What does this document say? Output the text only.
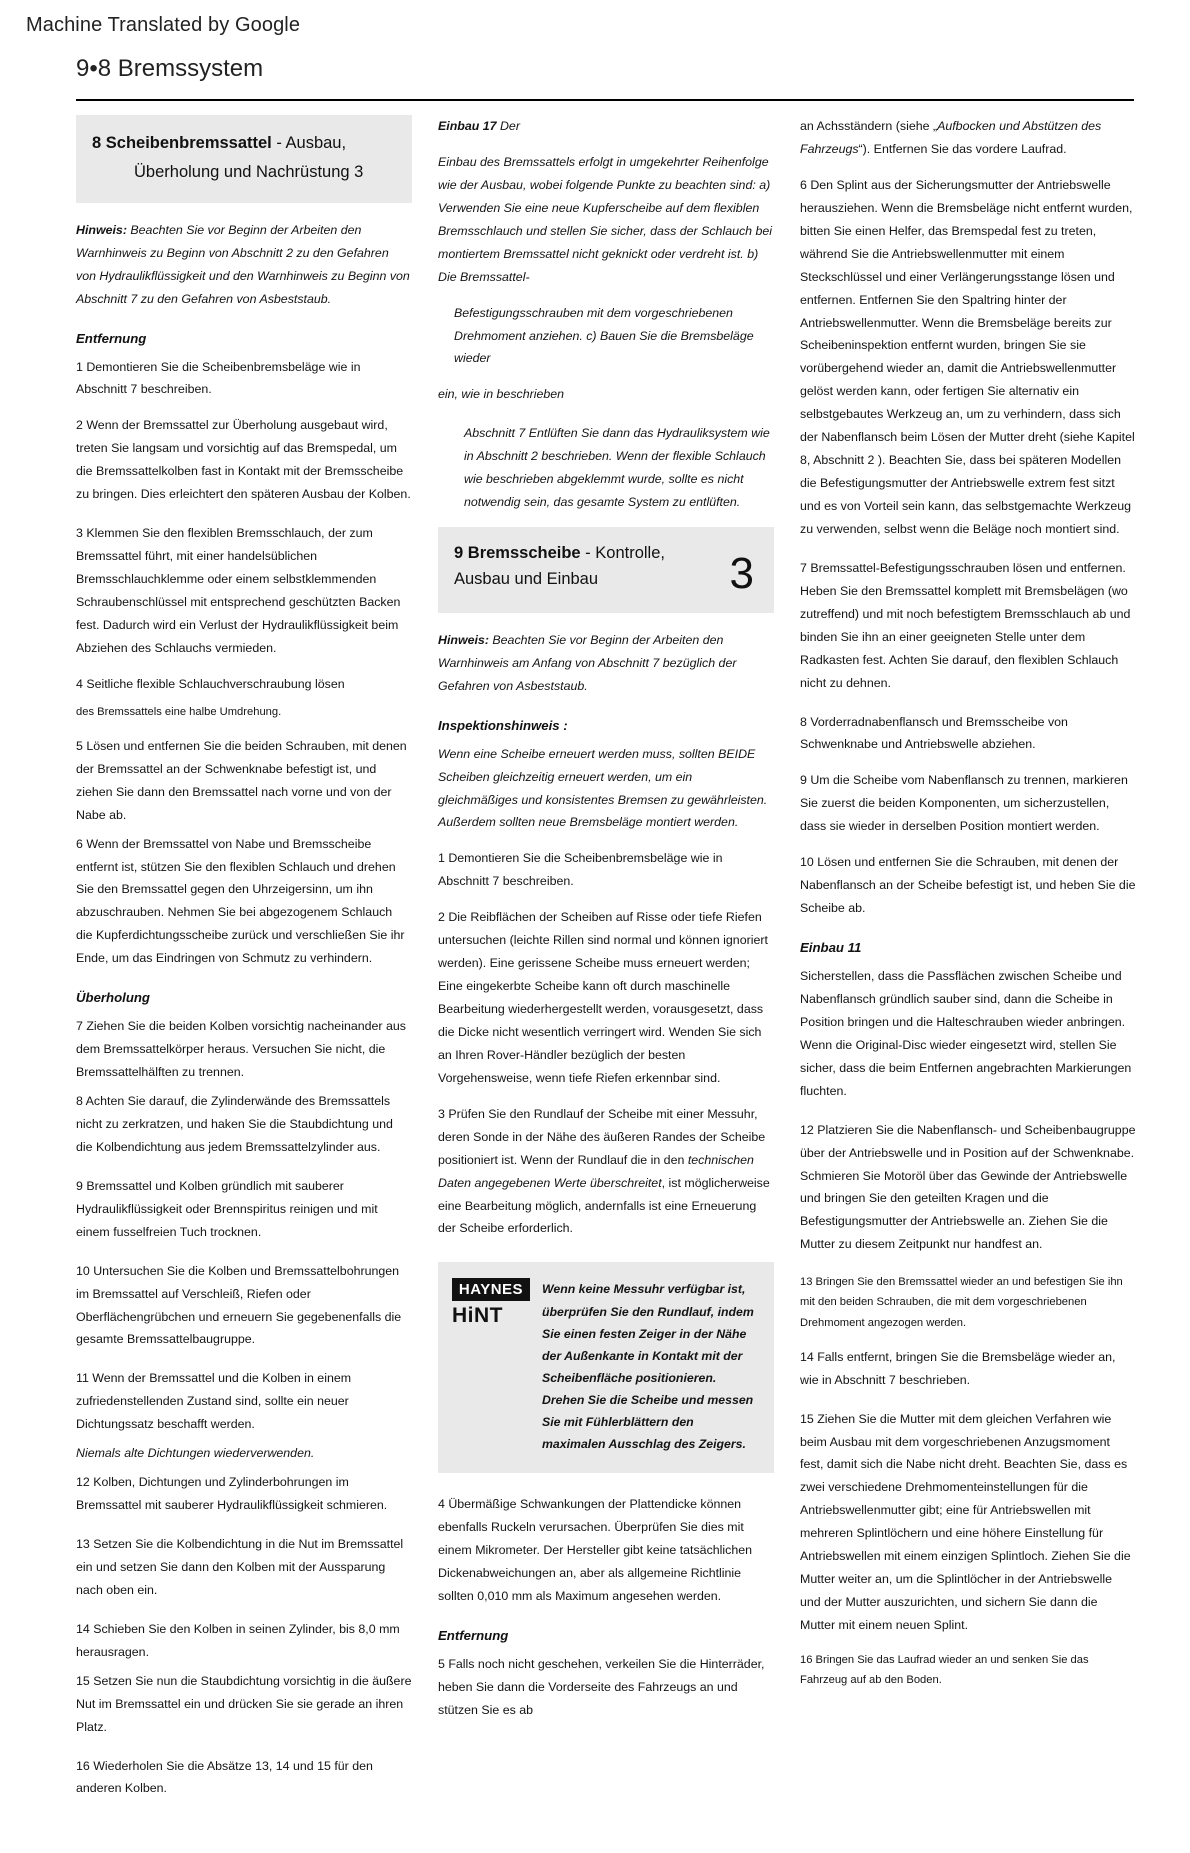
Machine Translated by Google
9•8 Bremssystem
8 Scheibenbremssattel - Ausbau,
Überholung und Nachrüstung 3

Hinweis: Beachten Sie vor Beginn der Arbeiten den Warnhinweis zu Beginn von Abschnitt 2 zu den Gefahren von Hydraulikflüssigkeit und den Warnhinweis zu Beginn von Abschnitt 7 zu den Gefahren von Asbeststaub.

Entfernung

1 Demontieren Sie die Scheibenbremsbeläge wie in Abschnitt 7 beschreiben.

2 Wenn der Bremssattel zur Überholung ausgebaut wird, treten Sie langsam und vorsichtig auf das Bremspedal, um die Bremssattelkolben fast in Kontakt mit der Bremsscheibe zu bringen. Dies erleichtert den späteren Ausbau der Kolben.

3 Klemmen Sie den flexiblen Bremsschlauch, der zum Bremssattel führt, mit einer handelsüblichen Bremsschlauchklemme oder einem selbstklemmenden Schraubenschlüssel mit entsprechend geschützten Backen fest. Dadurch wird ein Verlust der Hydraulikflüssigkeit beim Abziehen des Schlauchs vermieden.

4 Seitliche flexible Schlauchverschraubung lösen

des Bremssattels eine halbe Umdrehung.

5 Lösen und entfernen Sie die beiden Schrauben, mit denen der Bremssattel an der Schwenknabe befestigt ist, und ziehen Sie dann den Bremssattel nach vorne und von der Nabe ab.

6 Wenn der Bremssattel von Nabe und Bremsscheibe entfernt ist, stützen Sie den flexiblen Schlauch und drehen Sie den Bremssattel gegen den Uhrzeigersinn, um ihn abzuschrauben. Nehmen Sie bei abgezogenem Schlauch die Kupferdichtungsscheibe zurück und verschließen Sie ihr Ende, um das Eindringen von Schmutz zu verhindern.

Überholung

7 Ziehen Sie die beiden Kolben vorsichtig nacheinander aus dem Bremssattelkörper heraus. Versuchen Sie nicht, die Bremssattelhälften zu trennen.

8 Achten Sie darauf, die Zylinderwände des Bremssattels nicht zu zerkratzen, und haken Sie die Staubdichtung und die Kolbendichtung aus jedem Bremssattelzylinder aus.

9 Bremssattel und Kolben gründlich mit sauberer Hydraulikflüssigkeit oder Brennspiritus reinigen und mit einem fusselfreien Tuch trocknen.

10 Untersuchen Sie die Kolben und Bremssattelbohrungen im Bremssattel auf Verschleiß, Riefen oder Oberflächengrübchen und erneuern Sie gegebenenfalls die gesamte Bremssattelbaugruppe.

11 Wenn der Bremssattel und die Kolben in einem zufriedenstellenden Zustand sind, sollte ein neuer Dichtungssatz beschafft werden.

Niemals alte Dichtungen wiederverwenden.

12 Kolben, Dichtungen und Zylinderbohrungen im Bremssattel mit sauberer Hydraulikflüssigkeit schmieren.

13 Setzen Sie die Kolbendichtung in die Nut im Bremssattel ein und setzen Sie dann den Kolben mit der Aussparung nach oben ein.

14 Schieben Sie den Kolben in seinen Zylinder, bis 8,0 mm herausragen.

15 Setzen Sie nun die Staubdichtung vorsichtig in die äußere Nut im Bremssattel ein und drücken Sie sie gerade an ihren Platz.

16 Wiederholen Sie die Absätze 13, 14 und 15 für den anderen Kolben.

Einbau 17 Der

Einbau des Bremssattels erfolgt in umgekehrter Reihenfolge wie der Ausbau, wobei folgende Punkte zu beachten sind: a) Verwenden Sie eine neue Kupferscheibe auf dem flexiblen Bremsschlauch und stellen Sie sicher, dass der Schlauch bei montiertem Bremssattel nicht geknickt oder verdreht ist. b) Die Bremssattel-

Befestigungsschrauben mit dem vorgeschriebenen Drehmoment anziehen. c) Bauen Sie die Bremsbeläge wieder

ein, wie in beschrieben

Abschnitt 7 Entlüften Sie dann das Hydrauliksystem wie in Abschnitt 2 beschrieben. Wenn der flexible Schlauch wie beschrieben abgeklemmt wurde, sollte es nicht notwendig sein, das gesamte System zu entlüften.

9 Bremsscheibe - Kontrolle,
Ausbau und Einbau	3

Hinweis: Beachten Sie vor Beginn der Arbeiten den Warnhinweis am Anfang von Abschnitt 7 bezüglich der Gefahren von Asbeststaub.

Inspektionshinweis :

Wenn eine Scheibe erneuert werden muss, sollten BEIDE Scheiben gleichzeitig erneuert werden, um ein gleichmäßiges und konsistentes Bremsen zu gewährleisten. Außerdem sollten neue Bremsbeläge montiert werden.

1 Demontieren Sie die Scheibenbremsbeläge wie in Abschnitt 7 beschreiben.

2 Die Reibflächen der Scheiben auf Risse oder tiefe Riefen untersuchen (leichte Rillen sind normal und können ignoriert werden). Eine gerissene Scheibe muss erneuert werden; Eine eingekerbte Scheibe kann oft durch maschinelle Bearbeitung wiederhergestellt werden, vorausgesetzt, dass die Dicke nicht wesentlich verringert wird. Wenden Sie sich an Ihren Rover-Händler bezüglich der besten Vorgehensweise, wenn tiefe Riefen erkennbar sind.

3 Prüfen Sie den Rundlauf der Scheibe mit einer Messuhr, deren Sonde in der Nähe des äußeren Randes der Scheibe positioniert ist. Wenn der Rundlauf die in den technischen Daten angegebenen Werte überschreitet, ist möglicherweise eine Bearbeitung möglich, andernfalls ist eine Erneuerung der Scheibe erforderlich.

HAYNES
HiNT

Wenn keine Messuhr verfügbar ist, überprüfen Sie den Rundlauf, indem Sie einen festen Zeiger in der Nähe der Außenkante in Kontakt mit der Scheibenfläche positionieren. Drehen Sie die Scheibe und messen Sie mit Fühlerblättern den maximalen Ausschlag des Zeigers.

4 Übermäßige Schwankungen der Plattendicke können ebenfalls Ruckeln verursachen. Überprüfen Sie dies mit einem Mikrometer. Der Hersteller gibt keine tatsächlichen Dickenabweichungen an, aber als allgemeine Richtlinie sollten 0,010 mm als Maximum angesehen werden.

Entfernung

5 Falls noch nicht geschehen, verkeilen Sie die Hinterräder, heben Sie dann die Vorderseite des Fahrzeugs an und stützen Sie es ab

an Achsständern (siehe „Aufbocken und Abstützen des Fahrzeugs“). Entfernen Sie das vordere Laufrad.

6 Den Splint aus der Sicherungsmutter der Antriebswelle herausziehen. Wenn die Bremsbeläge nicht entfernt wurden, bitten Sie einen Helfer, das Bremspedal fest zu treten, während Sie die Antriebswellenmutter mit einem Steckschlüssel und einer Verlängerungsstange lösen und entfernen. Entfernen Sie den Spaltring hinter der Antriebswellenmutter. Wenn die Bremsbeläge bereits zur Scheibeninspektion entfernt wurden, bringen Sie sie vorübergehend wieder an, damit die Antriebswellenmutter gelöst werden kann, oder fertigen Sie alternativ ein selbstgebautes Werkzeug an, um zu verhindern, dass sich der Nabenflansch beim Lösen der Mutter dreht (siehe Kapitel 8, Abschnitt 2 ). Beachten Sie, dass bei späteren Modellen die Befestigungsmutter der Antriebswelle extrem fest sitzt und es von Vorteil sein kann, das selbstgemachte Werkzeug zu verwenden, selbst wenn die Beläge noch montiert sind.

7 Bremssattel-Befestigungsschrauben lösen und entfernen. Heben Sie den Bremssattel komplett mit Bremsbelägen (wo zutreffend) und mit noch befestigtem Bremsschlauch ab und binden Sie ihn an einer geeigneten Stelle unter dem Radkasten fest. Achten Sie darauf, den flexiblen Schlauch nicht zu dehnen.

8 Vorderradnabenflansch und Bremsscheibe von Schwenknabe und Antriebswelle abziehen.

9 Um die Scheibe vom Nabenflansch zu trennen, markieren Sie zuerst die beiden Komponenten, um sicherzustellen, dass sie wieder in derselben Position montiert werden.

10 Lösen und entfernen Sie die Schrauben, mit denen der Nabenflansch an der Scheibe befestigt ist, und heben Sie die Scheibe ab.

Einbau 11

Sicherstellen, dass die Passflächen zwischen Scheibe und Nabenflansch gründlich sauber sind, dann die Scheibe in Position bringen und die Halteschrauben wieder anbringen. Wenn die Original-Disc wieder eingesetzt wird, stellen Sie sicher, dass die beim Entfernen angebrachten Markierungen fluchten.

12 Platzieren Sie die Nabenflansch- und Scheibenbaugruppe über der Antriebswelle und in Position auf der Schwenknabe. Schmieren Sie Motoröl über das Gewinde der Antriebswelle und bringen Sie den geteilten Kragen und die Befestigungsmutter der Antriebswelle an. Ziehen Sie die Mutter zu diesem Zeitpunkt nur handfest an.

13 Bringen Sie den Bremssattel wieder an und befestigen Sie ihn mit den beiden Schrauben, die mit dem vorgeschriebenen Drehmoment angezogen werden.

14 Falls entfernt, bringen Sie die Bremsbeläge wieder an, wie in Abschnitt 7 beschrieben.

15 Ziehen Sie die Mutter mit dem gleichen Verfahren wie beim Ausbau mit dem vorgeschriebenen Anzugsmoment fest, damit sich die Nabe nicht dreht. Beachten Sie, dass es zwei verschiedene Drehmomenteinstellungen für die Antriebswellenmutter gibt; eine für Antriebswellen mit mehreren Splintlöchern und eine höhere Einstellung für Antriebswellen mit einem einzigen Splintloch. Ziehen Sie die Mutter weiter an, um die Splintlöcher in der Antriebswelle und der Mutter auszurichten, und sichern Sie dann die Mutter mit einem neuen Splint.

16 Bringen Sie das Laufrad wieder an und senken Sie das Fahrzeug auf ab den Boden.
